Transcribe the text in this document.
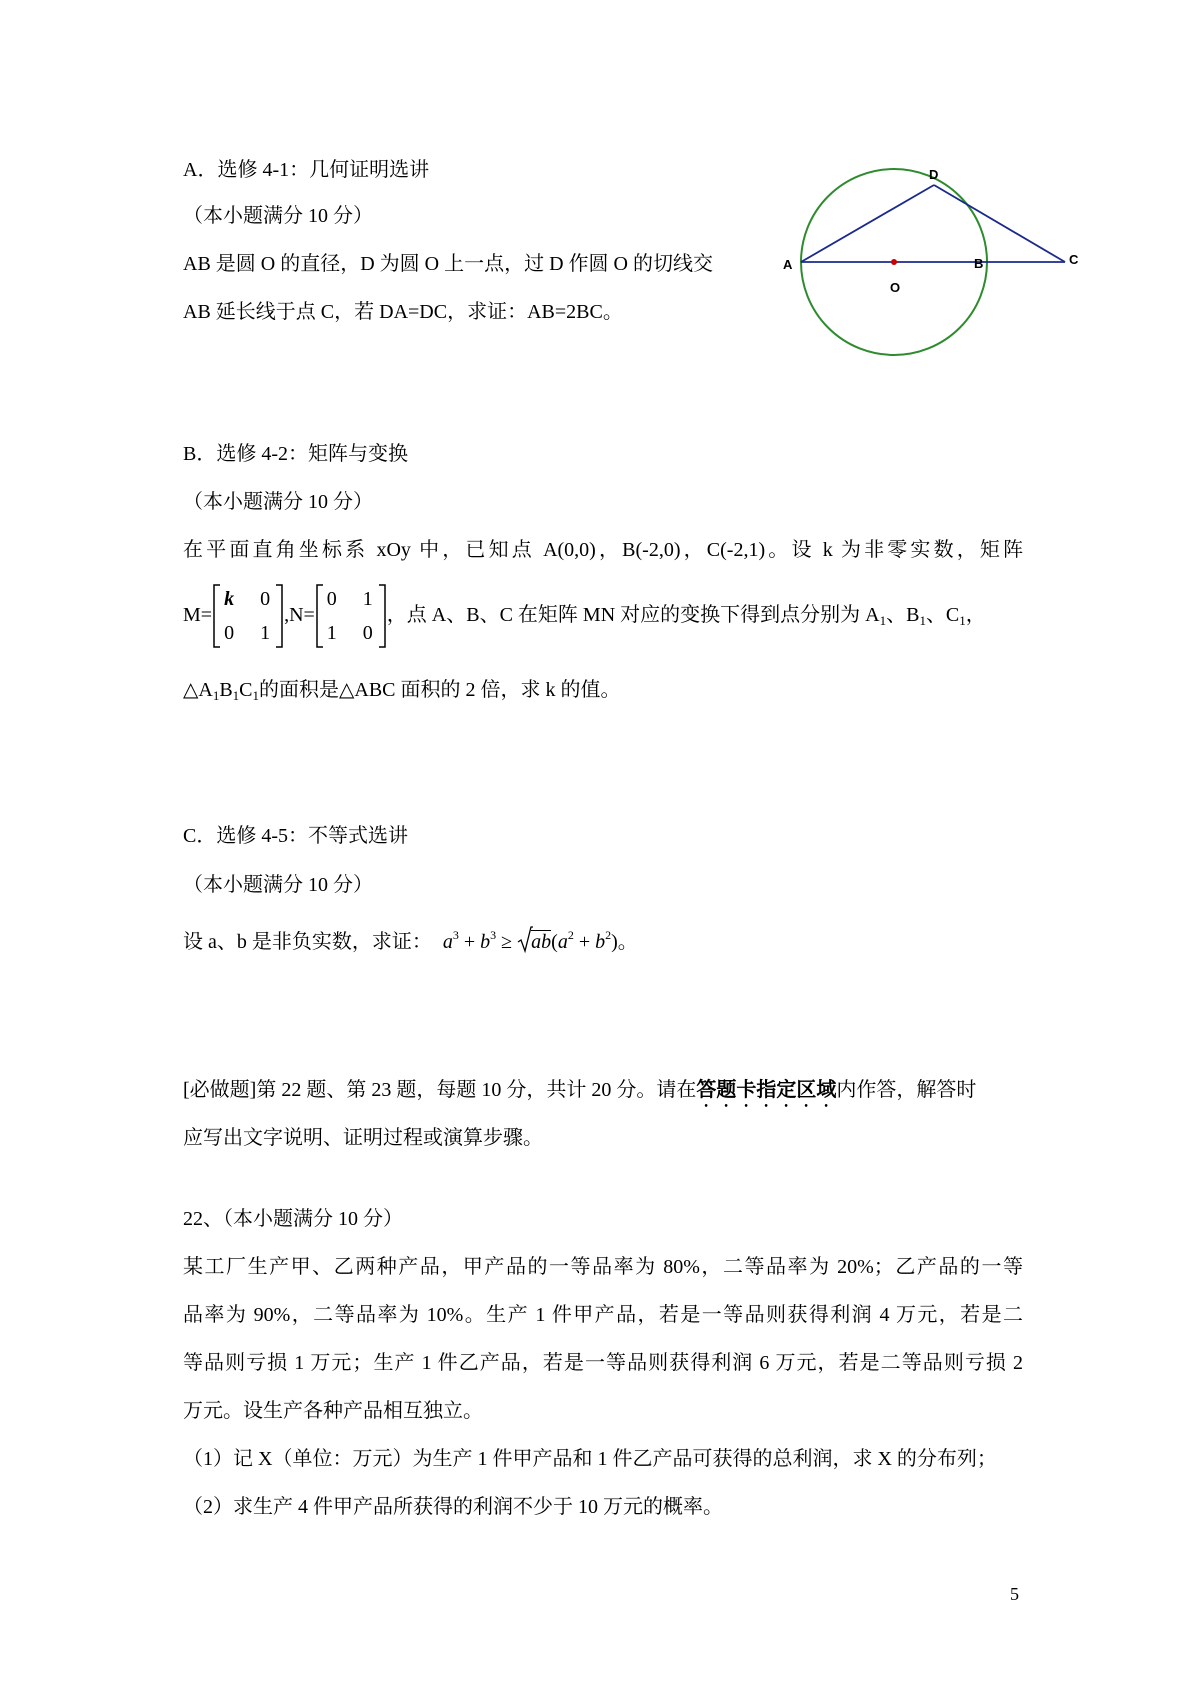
A．选修 4-1：几何证明选讲
（本小题满分 10 分）
AB 是圆 O 的直径，D 为圆 O 上一点，过 D 作圆 O 的切线交
AB 延长线于点 C，若 DA=DC，求证：AB=2BC。
A	B	C
D
O
B．选修 4-2：矩阵与变换
（本小题满分 10 分）
在平面直角坐标系 xOy 中，已知点 A(0,0)，B(-2,0)，C(-2,1)。设 k 为非零实数，矩阵
M=
k 0
0 1
,N=
0 1
1 0
，点 A、B、C 在矩阵 MN 对应的变换下得到点分别为 $A_1$、$B_1$、$C_1$，
$\triangle A_1B_1C_1$的面积是△ABC 面积的 2 倍，求 k 的值。
C．选修 4-5：不等式选讲
（本小题满分 10 分）
设 a、b 是非负实数，求证： $a^3 + b^3 \ge ab(a^2 + b^2)$。
[必做题]第 22 题、第 23 题，每题 10 分，共计 20 分。请在答题卡指定区域内作答，解答时
应写出文字说明、证明过程或演算步骤。
22、（本小题满分 10 分）
某工厂生产甲、乙两种产品，甲产品的一等品率为 80%，二等品率为 20%；乙产品的一等
品率为 90%，二等品率为 10%。生产 1 件甲产品，若是一等品则获得利润 4 万元，若是二
等品则亏损 1 万元；生产 1 件乙产品，若是一等品则获得利润 6 万元，若是二等品则亏损 2
万元。设生产各种产品相互独立。
（1）记 X（单位：万元）为生产 1 件甲产品和 1 件乙产品可获得的总利润，求 X 的分布列；
（2）求生产 4 件甲产品所获得的利润不少于 10 万元的概率。
5
